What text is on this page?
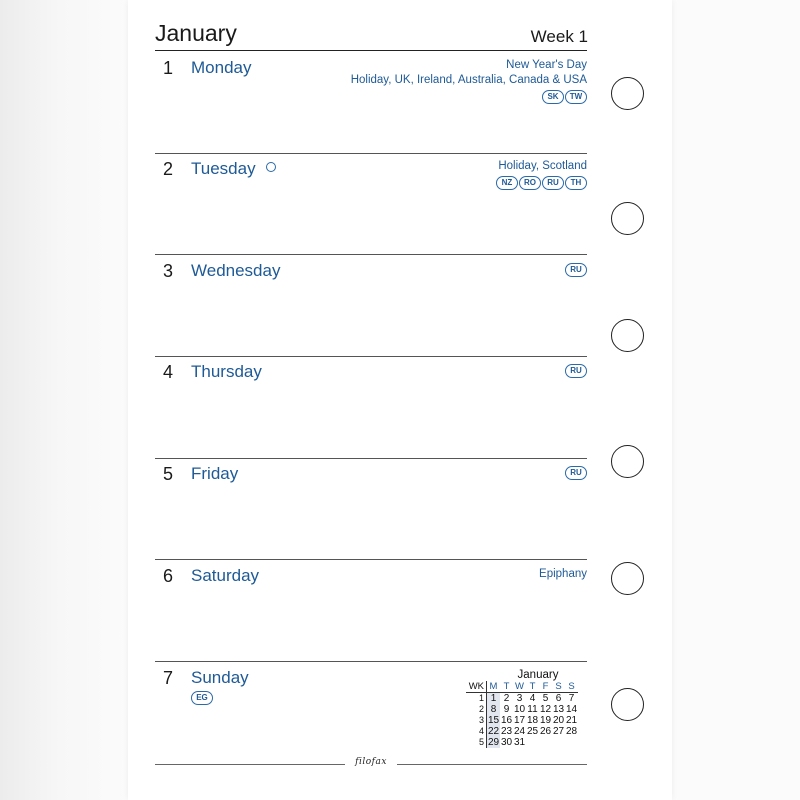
January	Week 1
1 Monday	New Year's Day
Holiday, UK, Ireland, Australia, Canada & USA
SK	TW
2 Tuesday	Holiday, Scotland
NZ	RO	RU	TH
3 Wednesday	RU
4 Thursday	RU
5 Friday	RU
6 Saturday	Epiphany
7 Sunday
EG
January
WK	M	T	W	T	F	S	S
1	1	2	3	4	5	6	7
2	8	9	10	11	12	13	14
3	15	16	17	18	19	20	21
4	22	23	24	25	26	27	28
5	29	30	31				
filofax
